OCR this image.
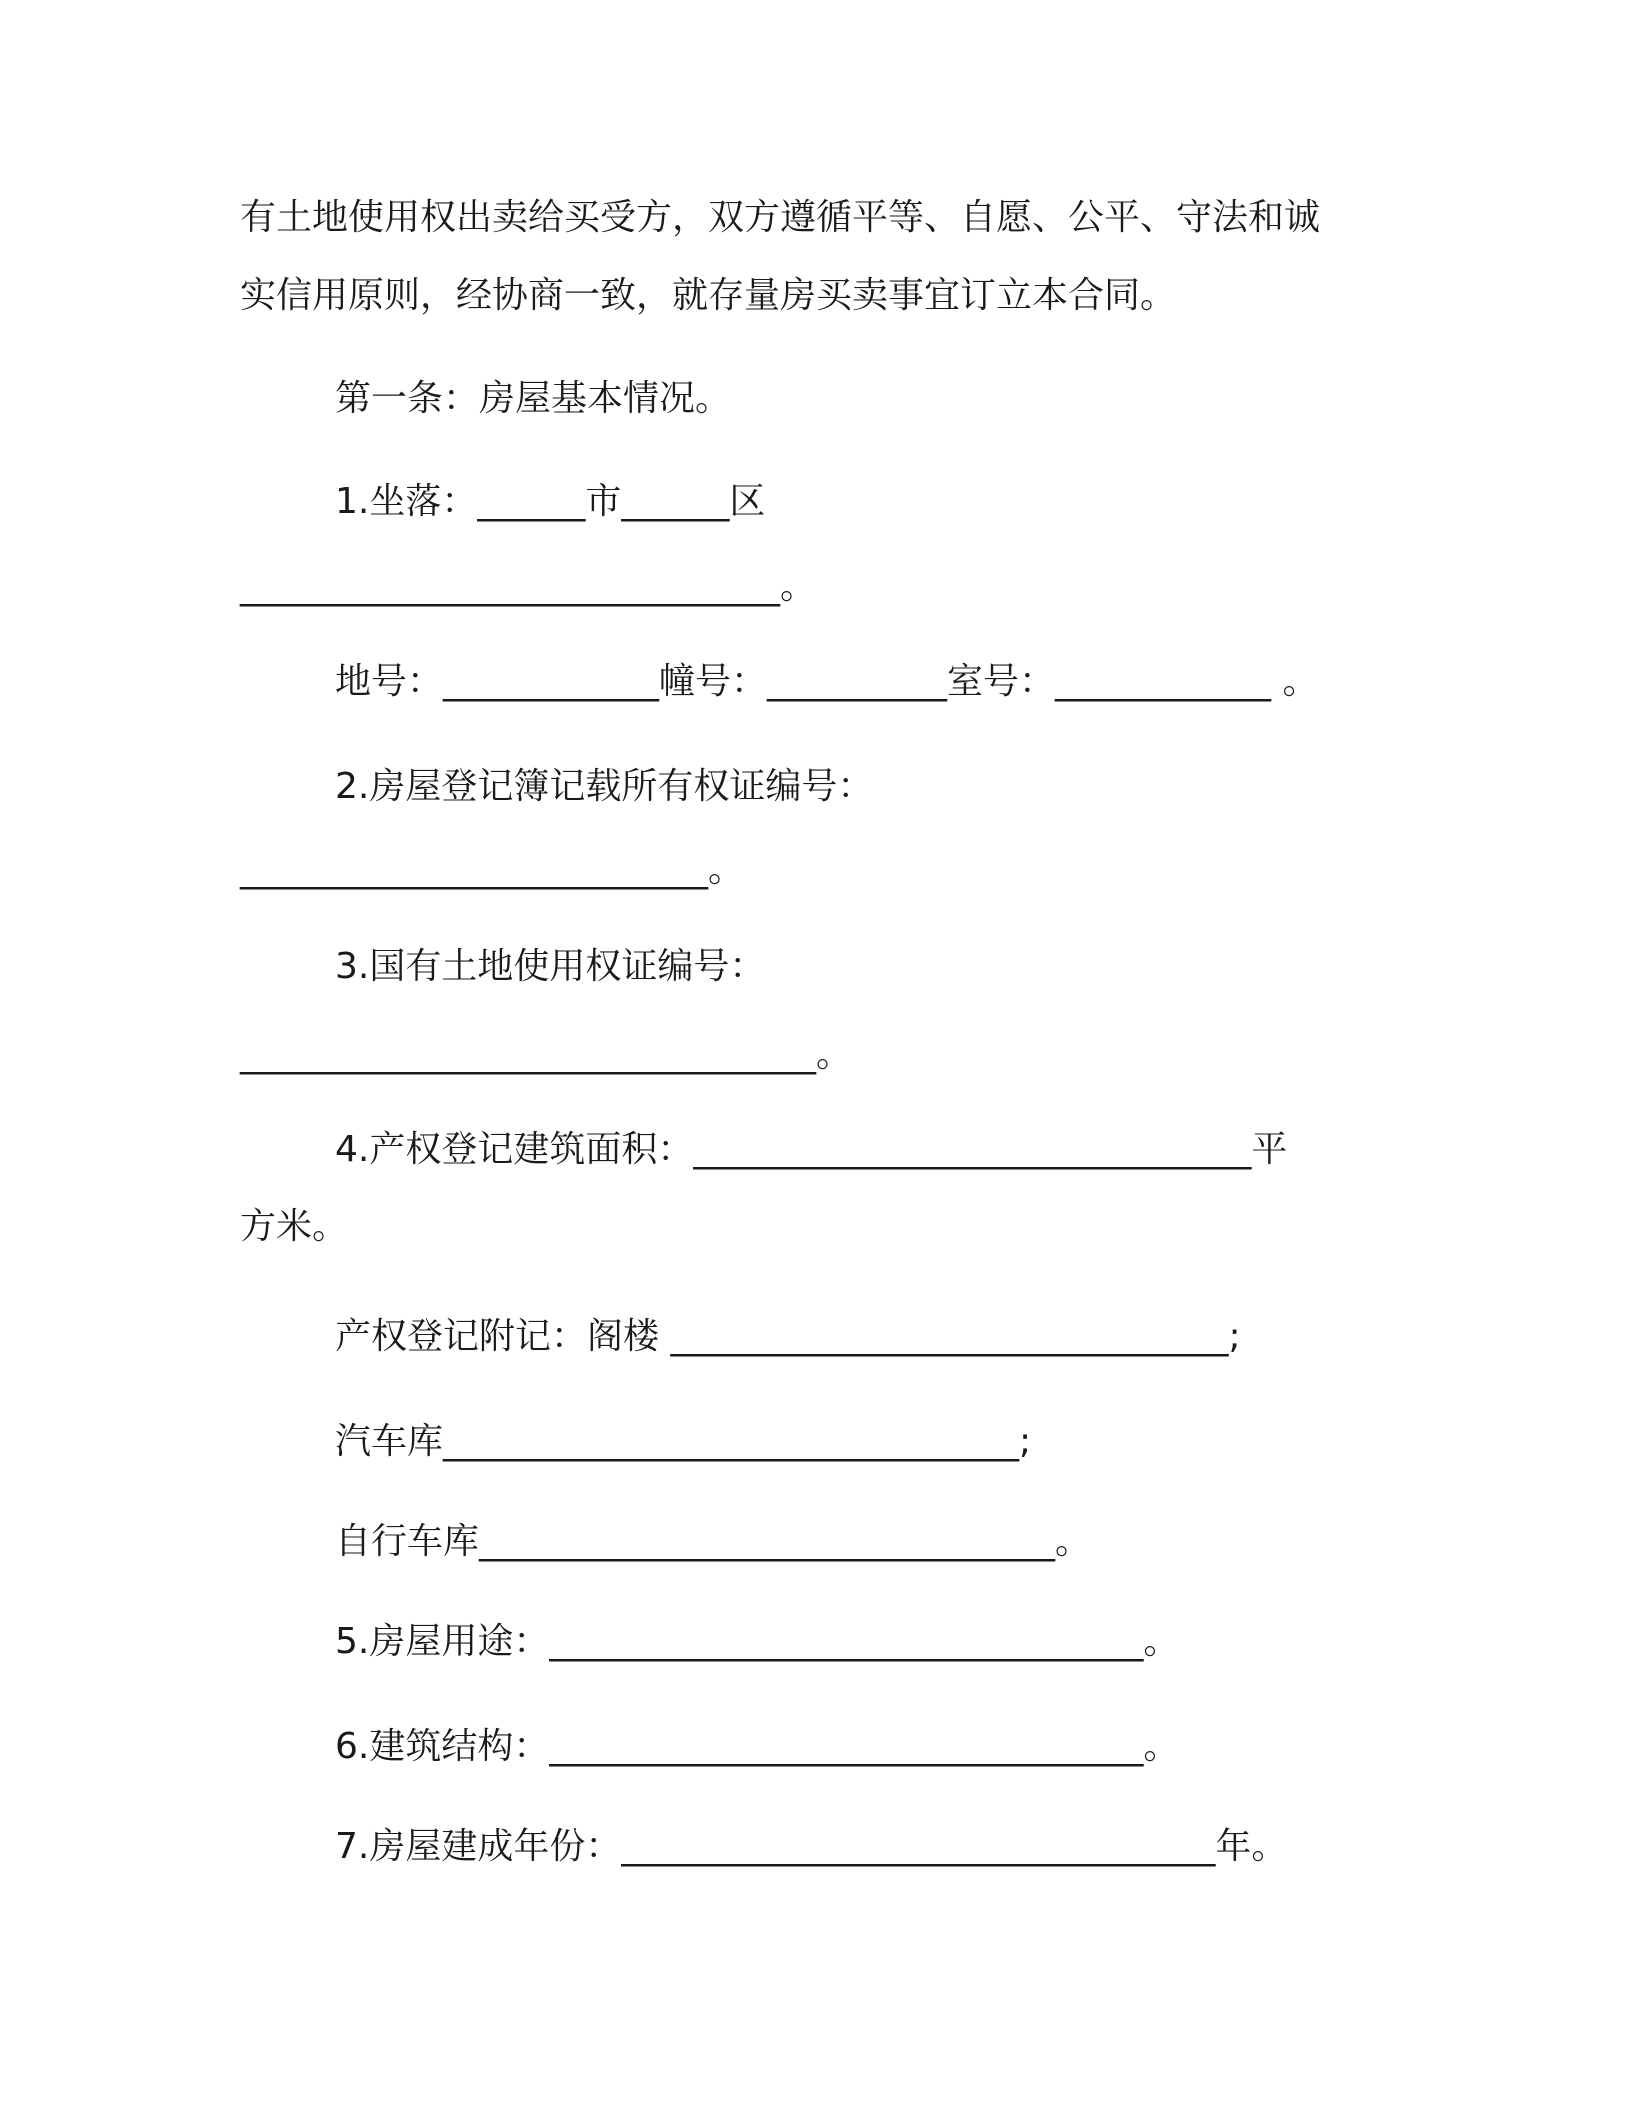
有土地使用权出卖给买受方，双方遵循平等、自愿、公平、守法和诚
实信用原则，经协商一致，就存量房买卖事宜订立本合同。
第一条：房屋基本情况。
1.坐落：______市______区
______________________________。
地号：____________幢号：__________室号：____________ 。
2.房屋登记簿记载所有权证编号：
__________________________。
3.国有土地使用权证编号：
________________________________。
4.产权登记建筑面积：_______________________________平
方米。
产权登记附记：阁楼 _______________________________;
汽车库________________________________;
自行车库________________________________。
5.房屋用途：_________________________________。
6.建筑结构：_________________________________。
7.房屋建成年份：_________________________________年。
